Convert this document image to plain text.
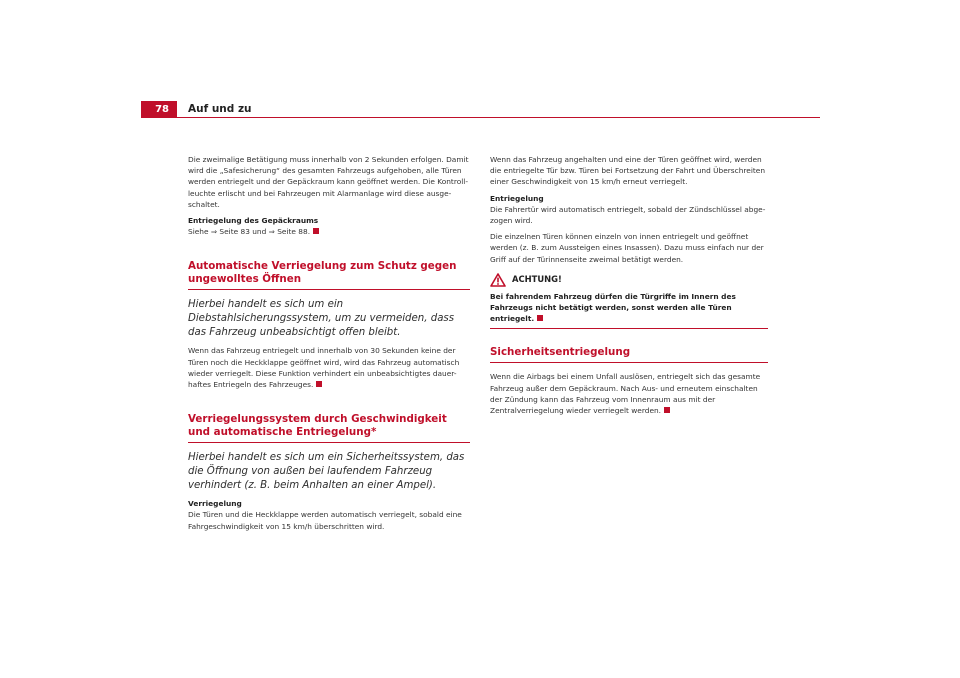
78 Auf und zu

Die zweimalige Betätigung muss innerhalb von 2 Sekunden erfolgen. Damit wird die „Safesicherung“ des gesamten Fahrzeugs aufgehoben, alle Türen werden entriegelt und der Gepäckraum kann geöffnet werden. Die Kontroll-leuchte erlischt und bei Fahrzeugen mit Alarmanlage wird diese ausge-schaltet.

Entriegelung des Gepäckraums

Siehe ⇒ Seite 83 und ⇒ Seite 88.

Automatische Verriegelung zum Schutz gegen ungewolltes Öffnen

Hierbei handelt es sich um ein Diebstahlsicherungssystem, um zu vermeiden, dass das Fahrzeug unbeabsichtigt offen bleibt.

Wenn das Fahrzeug entriegelt und innerhalb von 30 Sekunden keine der Türen noch die Heckklappe geöffnet wird, wird das Fahrzeug automatisch wieder verriegelt. Diese Funktion verhindert ein unbeabsichtigtes dauer-haftes Entriegeln des Fahrzeuges.

Verriegelungssystem durch Geschwindigkeit und automatische Entriegelung*

Hierbei handelt es sich um ein Sicherheitssystem, das die Öffnung von außen bei laufendem Fahrzeug verhindert (z. B. beim Anhalten an einer Ampel).

Verriegelung

Die Türen und die Heckklappe werden automatisch verriegelt, sobald eine Fahrgeschwindigkeit von 15 km/h überschritten wird.

Wenn das Fahrzeug angehalten und eine der Türen geöffnet wird, werden die entriegelte Tür bzw. Türen bei Fortsetzung der Fahrt und Überschreiten einer Geschwindigkeit von 15 km/h erneut verriegelt.

Entriegelung

Die Fahrertür wird automatisch entriegelt, sobald der Zündschlüssel abge-zogen wird.

Die einzelnen Türen können einzeln von innen entriegelt und geöffnet werden (z. B. zum Aussteigen eines Insassen). Dazu muss einfach nur der Griff auf der Türinnenseite zweimal betätigt werden.

ACHTUNG!

Bei fahrendem Fahrzeug dürfen die Türgriffe im Innern des Fahrzeugs nicht betätigt werden, sonst werden alle Türen entriegelt.

Sicherheitsentriegelung

Wenn die Airbags bei einem Unfall auslösen, entriegelt sich das gesamte Fahrzeug außer dem Gepäckraum. Nach Aus- und erneutem einschalten der Zündung kann das Fahrzeug vom Innenraum aus mit der Zentralverriegelung wieder verriegelt werden.
